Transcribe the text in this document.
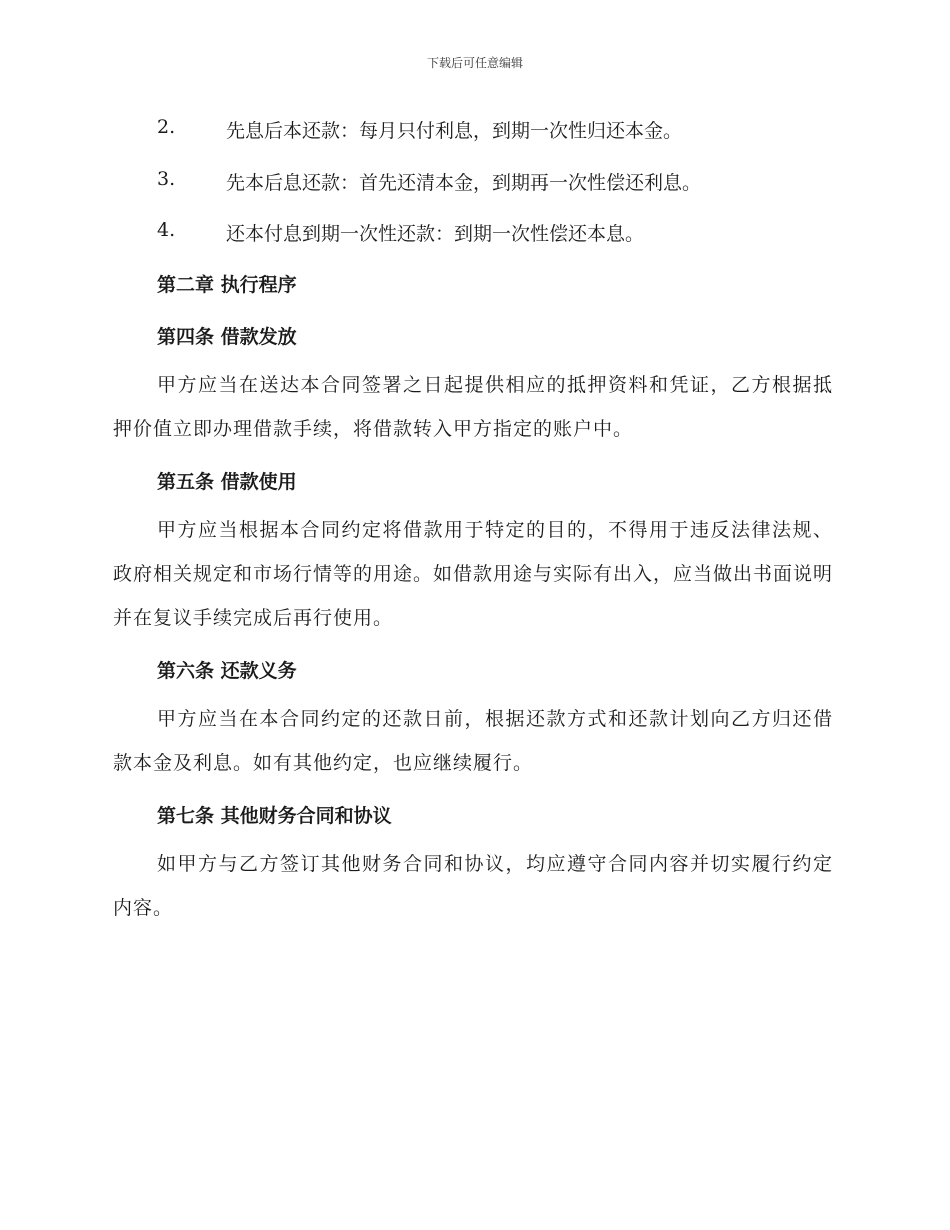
下载后可任意编辑
2.	先息后本还款：每月只付利息，到期一次性归还本金。
3.	先本后息还款：首先还清本金，到期再一次性偿还利息。
4.	还本付息到期一次性还款：到期一次性偿还本息。
第二章 执行程序
第四条 借款发放
甲方应当在送达本合同签署之日起提供相应的抵押资料和凭证，乙方根据抵押价值立即办理借款手续，将借款转入甲方指定的账户中。
第五条 借款使用
甲方应当根据本合同约定将借款用于特定的目的，不得用于违反法律法规、政府相关规定和市场行情等的用途。如借款用途与实际有出入，应当做出书面说明并在复议手续完成后再行使用。
第六条 还款义务
甲方应当在本合同约定的还款日前，根据还款方式和还款计划向乙方归还借款本金及利息。如有其他约定，也应继续履行。
第七条 其他财务合同和协议
如甲方与乙方签订其他财务合同和协议，均应遵守合同内容并切实履行约定内容。
